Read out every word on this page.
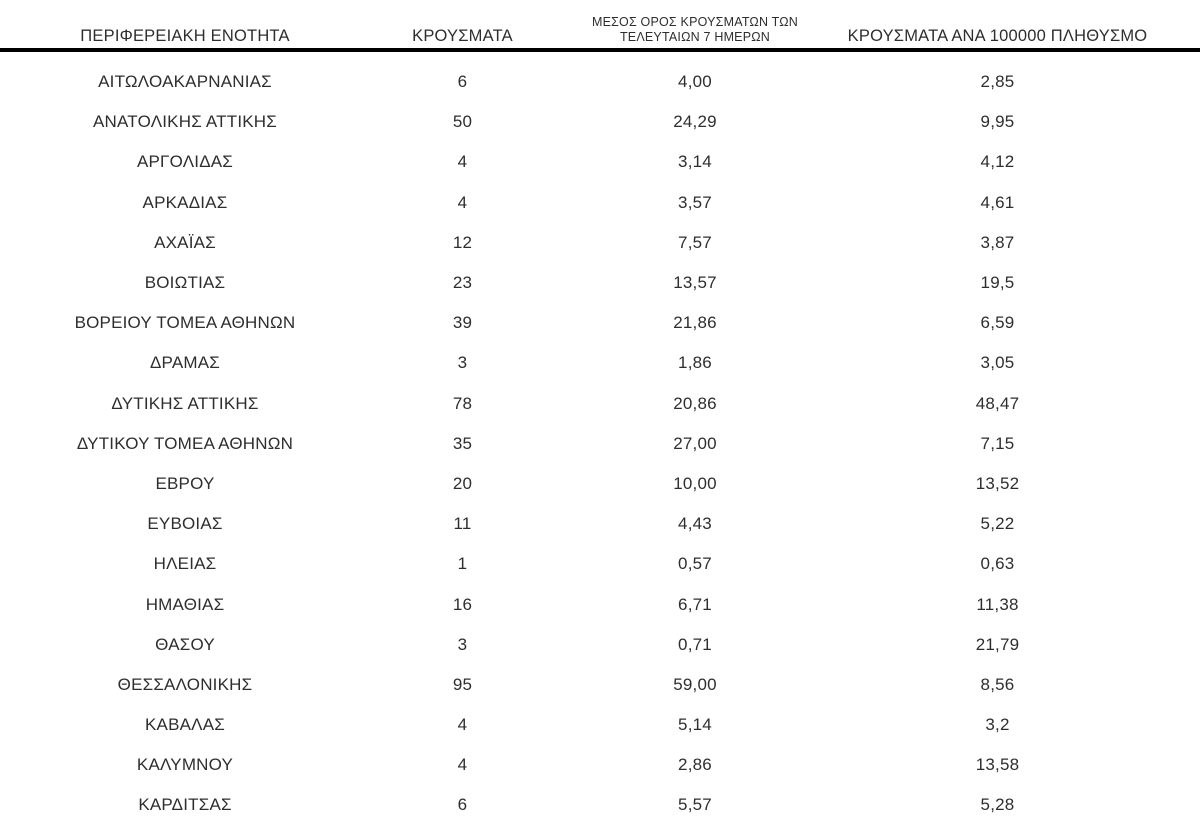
ΠΕΡΙΦΕΡΕΙΑΚΗ ΕΝΟΤΗΤΑ	ΚΡΟΥΣΜΑΤΑ	ΜΕΣΟΣ ΟΡΟΣ ΚΡΟΥΣΜΑΤΩΝ ΤΩΝ
ΤΕΛΕΥΤΑΙΩΝ 7 ΗΜΕΡΩΝ	ΚΡΟΥΣΜΑΤΑ ΑΝΑ 100000 ΠΛΗΘΥΣΜΟ	

ΑΙΤΩΛΟΑΚΑΡΝΑΝΙΑΣ	6	4,00	2,85	
ΑΝΑΤΟΛΙΚΗΣ ΑΤΤΙΚΗΣ	50	24,29	9,95	
ΑΡΓΟΛΙΔΑΣ	4	3,14	4,12	
ΑΡΚΑΔΙΑΣ	4	3,57	4,61	
ΑΧΑΪΑΣ	12	7,57	3,87	
ΒΟΙΩΤΙΑΣ	23	13,57	19,5	
ΒΟΡΕΙΟΥ ΤΟΜΕΑ ΑΘΗΝΩΝ	39	21,86	6,59	
ΔΡΑΜΑΣ	3	1,86	3,05	
ΔΥΤΙΚΗΣ ΑΤΤΙΚΗΣ	78	20,86	48,47	
ΔΥΤΙΚΟΥ ΤΟΜΕΑ ΑΘΗΝΩΝ	35	27,00	7,15	
ΕΒΡΟΥ	20	10,00	13,52	
ΕΥΒΟΙΑΣ	11	4,43	5,22	
ΗΛΕΙΑΣ	1	0,57	0,63	
ΗΜΑΘΙΑΣ	16	6,71	11,38	
ΘΑΣΟΥ	3	0,71	21,79	
ΘΕΣΣΑΛΟΝΙΚΗΣ	95	59,00	8,56	
ΚΑΒΑΛΑΣ	4	5,14	3,2	
ΚΑΛΥΜΝΟΥ	4	2,86	13,58	
ΚΑΡΔΙΤΣΑΣ	6	5,57	5,28	
